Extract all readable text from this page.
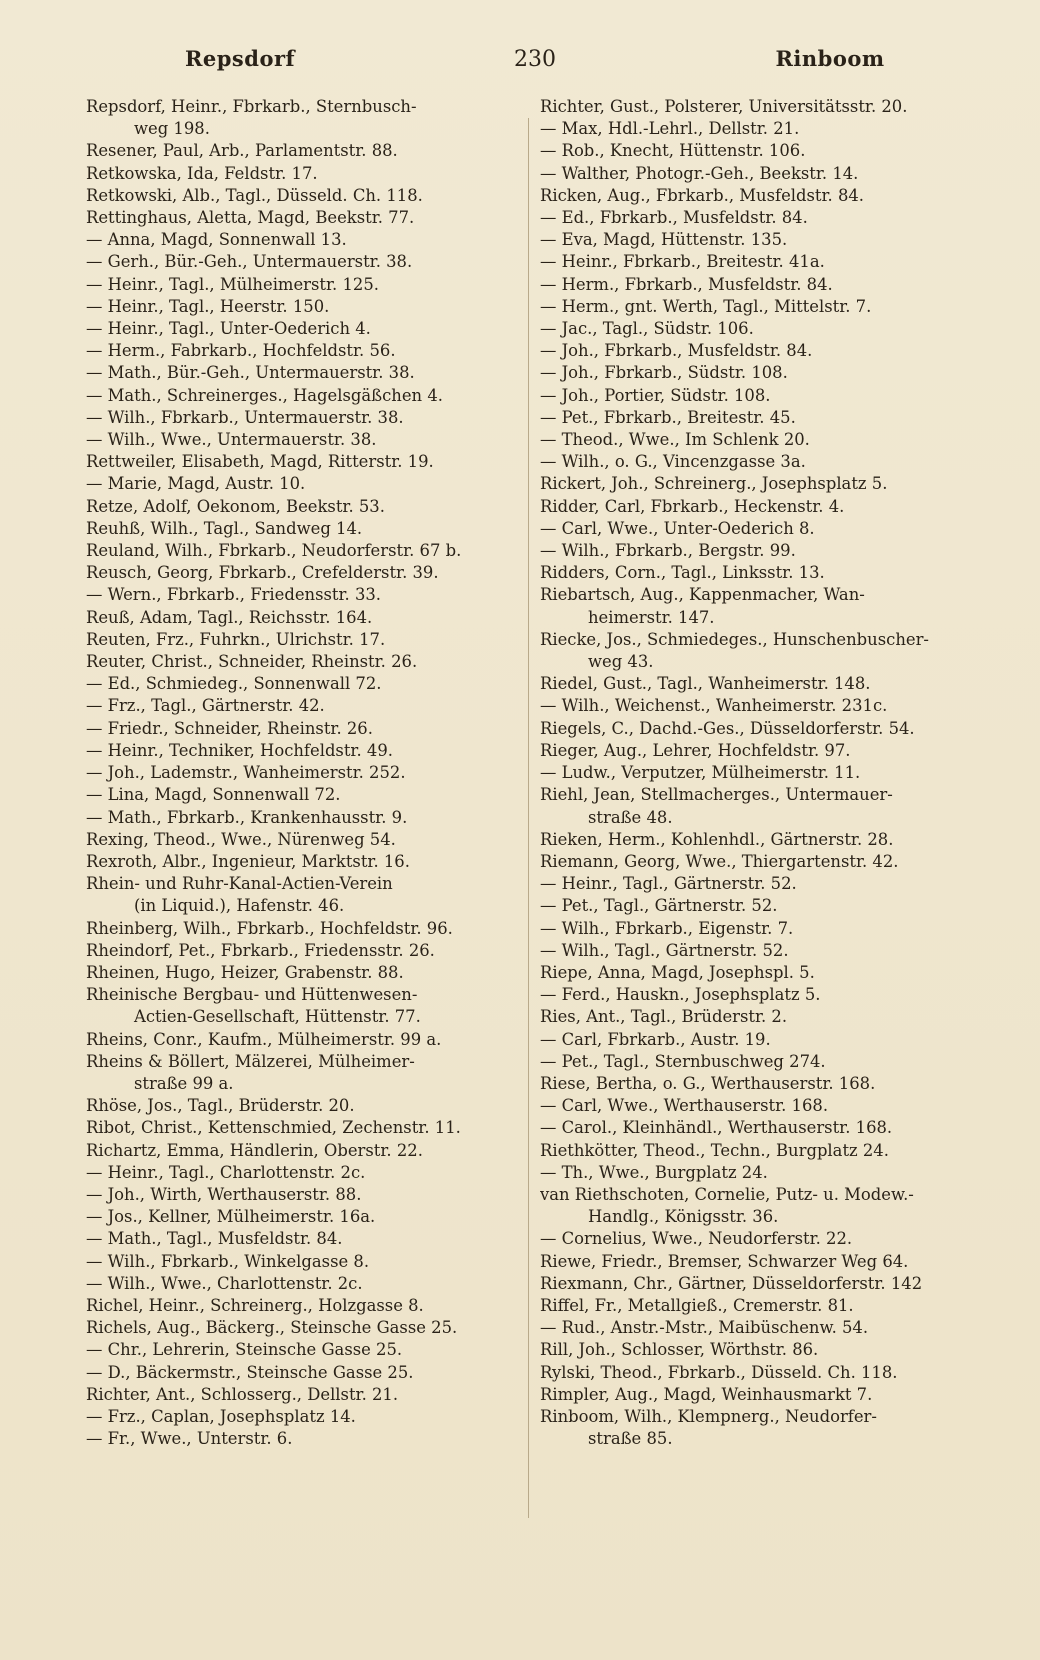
Repsdorf	230	Rinboom

Repsdorf, Heinr., Fbrkarb., Sternbusch-

weg 198.

Resener, Paul, Arb., Parlamentstr. 88.

Retkowska, Ida, Feldstr. 17.

Retkowski, Alb., Tagl., Düsseld. Ch. 118.

Rettinghaus, Aletta, Magd, Beekstr. 77.

— Anna, Magd, Sonnenwall 13.

— Gerh., Bür.-Geh., Untermauerstr. 38.

— Heinr., Tagl., Mülheimerstr. 125.

— Heinr., Tagl., Heerstr. 150.

— Heinr., Tagl., Unter-Oederich 4.

— Herm., Fabrkarb., Hochfeldstr. 56.

— Math., Bür.-Geh., Untermauerstr. 38.

— Math., Schreinerges., Hagelsgäßchen 4.

— Wilh., Fbrkarb., Untermauerstr. 38.

— Wilh., Wwe., Untermauerstr. 38.

Rettweiler, Elisabeth, Magd, Ritterstr. 19.

— Marie, Magd, Austr. 10.

Retze, Adolf, Oekonom, Beekstr. 53.

Reuhß, Wilh., Tagl., Sandweg 14.

Reuland, Wilh., Fbrkarb., Neudorferstr. 67 b.

Reusch, Georg, Fbrkarb., Crefelderstr. 39.

— Wern., Fbrkarb., Friedensstr. 33.

Reuß, Adam, Tagl., Reichsstr. 164.

Reuten, Frz., Fuhrkn., Ulrichstr. 17.

Reuter, Christ., Schneider, Rheinstr. 26.

— Ed., Schmiedeg., Sonnenwall 72.

— Frz., Tagl., Gärtnerstr. 42.

— Friedr., Schneider, Rheinstr. 26.

— Heinr., Techniker, Hochfeldstr. 49.

— Joh., Lademstr., Wanheimerstr. 252.

— Lina, Magd, Sonnenwall 72.

— Math., Fbrkarb., Krankenhausstr. 9.

Rexing, Theod., Wwe., Nürenweg 54.

Rexroth, Albr., Ingenieur, Marktstr. 16.

Rhein- und Ruhr-Kanal-Actien-Verein

(in Liquid.), Hafenstr. 46.

Rheinberg, Wilh., Fbrkarb., Hochfeldstr. 96.

Rheindorf, Pet., Fbrkarb., Friedensstr. 26.

Rheinen, Hugo, Heizer, Grabenstr. 88.

Rheinische Bergbau- und Hüttenwesen-

Actien-Gesellschaft, Hüttenstr. 77.

Rheins, Conr., Kaufm., Mülheimerstr. 99 a.

Rheins & Böllert, Mälzerei, Mülheimer-

straße 99 a.

Rhöse, Jos., Tagl., Brüderstr. 20.

Ribot, Christ., Kettenschmied, Zechenstr. 11.

Richartz, Emma, Händlerin, Oberstr. 22.

— Heinr., Tagl., Charlottenstr. 2c.

— Joh., Wirth, Werthauserstr. 88.

— Jos., Kellner, Mülheimerstr. 16a.

— Math., Tagl., Musfeldstr. 84.

— Wilh., Fbrkarb., Winkelgasse 8.

— Wilh., Wwe., Charlottenstr. 2c.

Richel, Heinr., Schreinerg., Holzgasse 8.

Richels, Aug., Bäckerg., Steinsche Gasse 25.

— Chr., Lehrerin, Steinsche Gasse 25.

— D., Bäckermstr., Steinsche Gasse 25.

Richter, Ant., Schlosserg., Dellstr. 21.

— Frz., Caplan, Josephsplatz 14.

— Fr., Wwe., Unterstr. 6.

Richter, Gust., Polsterer, Universitätsstr. 20.

— Max, Hdl.-Lehrl., Dellstr. 21.

— Rob., Knecht, Hüttenstr. 106.

— Walther, Photogr.-Geh., Beekstr. 14.

Ricken, Aug., Fbrkarb., Musfeldstr. 84.

— Ed., Fbrkarb., Musfeldstr. 84.

— Eva, Magd, Hüttenstr. 135.

— Heinr., Fbrkarb., Breitestr. 41a.

— Herm., Fbrkarb., Musfeldstr. 84.

— Herm., gnt. Werth, Tagl., Mittelstr. 7.

— Jac., Tagl., Südstr. 106.

— Joh., Fbrkarb., Musfeldstr. 84.

— Joh., Fbrkarb., Südstr. 108.

— Joh., Portier, Südstr. 108.

— Pet., Fbrkarb., Breitestr. 45.

— Theod., Wwe., Im Schlenk 20.

— Wilh., o. G., Vincenzgasse 3a.

Rickert, Joh., Schreinerg., Josephsplatz 5.

Ridder, Carl, Fbrkarb., Heckenstr. 4.

— Carl, Wwe., Unter-Oederich 8.

— Wilh., Fbrkarb., Bergstr. 99.

Ridders, Corn., Tagl., Linksstr. 13.

Riebartsch, Aug., Kappenmacher, Wan-

heimerstr. 147.

Riecke, Jos., Schmiedeges., Hunschenbuscher-

weg 43.

Riedel, Gust., Tagl., Wanheimerstr. 148.

— Wilh., Weichenst., Wanheimerstr. 231c.

Riegels, C., Dachd.-Ges., Düsseldorferstr. 54.

Rieger, Aug., Lehrer, Hochfeldstr. 97.

— Ludw., Verputzer, Mülheimerstr. 11.

Riehl, Jean, Stellmacherges., Untermauer-

straße 48.

Rieken, Herm., Kohlenhdl., Gärtnerstr. 28.

Riemann, Georg, Wwe., Thiergartenstr. 42.

— Heinr., Tagl., Gärtnerstr. 52.

— Pet., Tagl., Gärtnerstr. 52.

— Wilh., Fbrkarb., Eigenstr. 7.

— Wilh., Tagl., Gärtnerstr. 52.

Riepe, Anna, Magd, Josephspl. 5.

— Ferd., Hauskn., Josephsplatz 5.

Ries, Ant., Tagl., Brüderstr. 2.

— Carl, Fbrkarb., Austr. 19.

— Pet., Tagl., Sternbuschweg 274.

Riese, Bertha, o. G., Werthauserstr. 168.

— Carl, Wwe., Werthauserstr. 168.

— Carol., Kleinhändl., Werthauserstr. 168.

Riethkötter, Theod., Techn., Burgplatz 24.

— Th., Wwe., Burgplatz 24.

van Riethschoten, Cornelie, Putz- u. Modew.-

Handlg., Königsstr. 36.

— Cornelius, Wwe., Neudorferstr. 22.

Riewe, Friedr., Bremser, Schwarzer Weg 64.

Riexmann, Chr., Gärtner, Düsseldorferstr. 142

Riffel, Fr., Metallgieß., Cremerstr. 81.

— Rud., Anstr.-Mstr., Maibüschenw. 54.

Rill, Joh., Schlosser, Wörthstr. 86.

Rylski, Theod., Fbrkarb., Düsseld. Ch. 118.

Rimpler, Aug., Magd, Weinhausmarkt 7.

Rinboom, Wilh., Klempnerg., Neudorfer-

straße 85.
